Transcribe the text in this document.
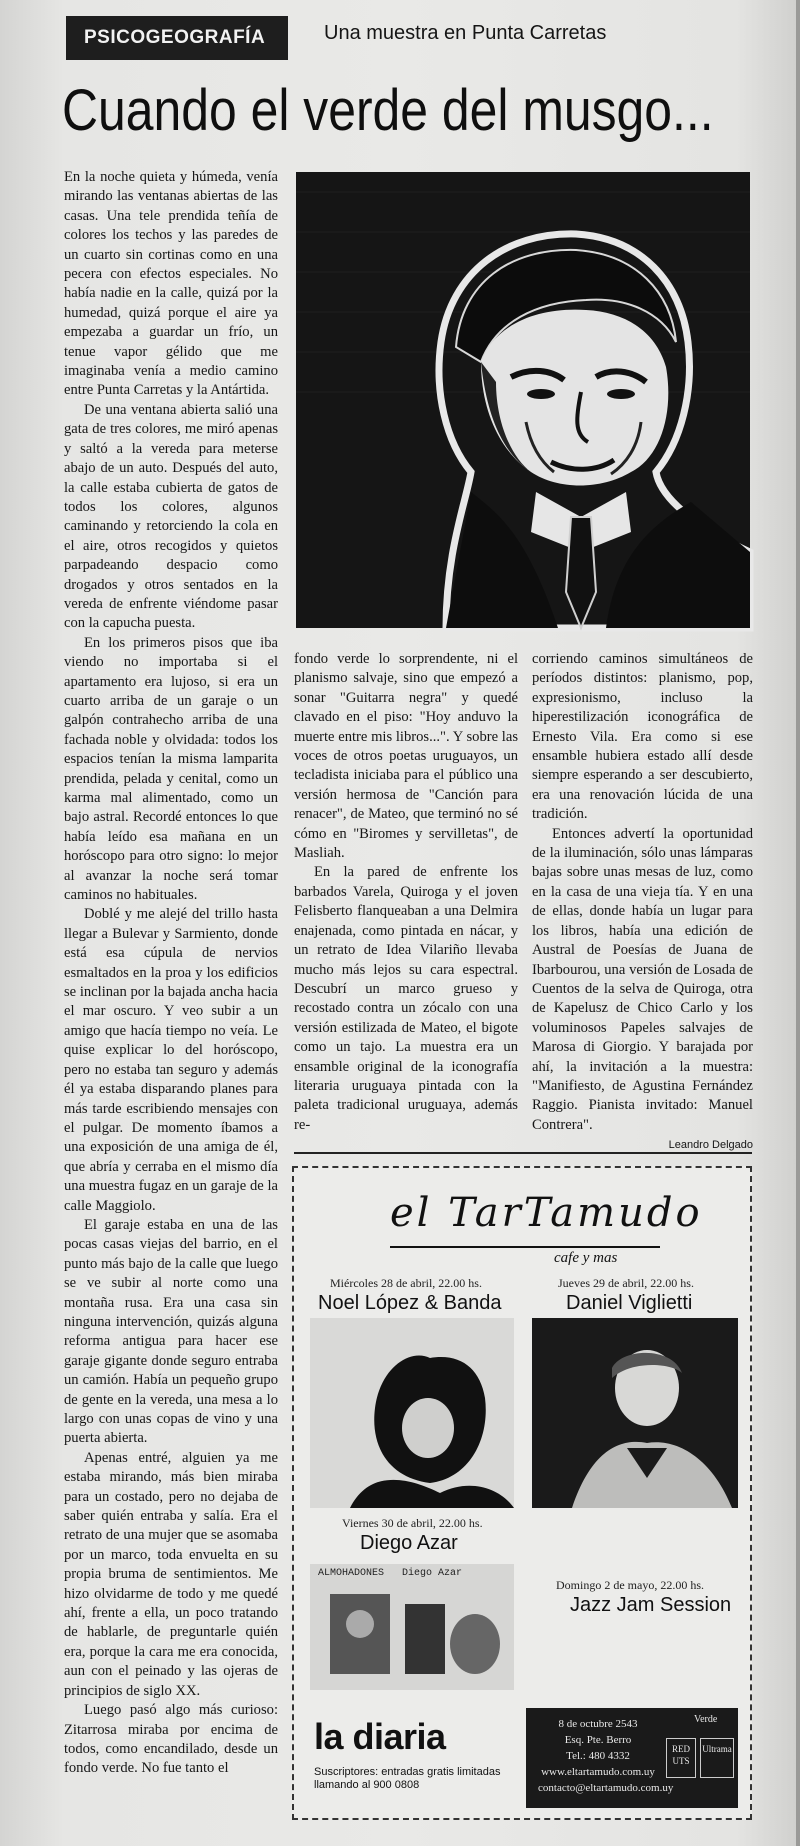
PSICOGEOGRAFÍA	Una muestra en Punta Carretas
Cuando el verde del musgo...

En la noche quieta y húmeda, venía mirando las ventanas abiertas de las casas. Una tele prendida teñía de colores los techos y las paredes de un cuarto sin cortinas como en una pecera con efectos especiales. No había nadie en la calle, quizá por la humedad, quizá porque el aire ya empezaba a guardar un frío, un tenue vapor gélido que me imaginaba venía a medio camino entre Punta Carretas y la Antártida.

De una ventana abierta salió una gata de tres colores, me miró apenas y saltó a la vereda para meterse abajo de un auto. Después del auto, la calle estaba cubierta de gatos de todos los colores, algunos caminando y retorciendo la cola en el aire, otros recogidos y quietos parpadeando despacio como drogados y otros sentados en la vereda de enfrente viéndome pasar con la capucha puesta.

En los primeros pisos que iba viendo no importaba si el apartamento era lujoso, si era un cuarto arriba de un garaje o un galpón contrahecho arriba de una fachada noble y olvidada: todos los espacios tenían la misma lamparita prendida, pelada y cenital, como un karma mal alimentado, como un bajo astral. Recordé entonces lo que había leído esa mañana en un horóscopo para otro signo: lo mejor al avanzar la noche será tomar caminos no habituales.

Doblé y me alejé del trillo hasta llegar a Bulevar y Sarmiento, donde está esa cúpula de nervios esmaltados en la proa y los edificios se inclinan por la bajada ancha hacia el mar oscuro. Y veo subir a un amigo que hacía tiempo no veía. Le quise explicar lo del horóscopo, pero no estaba tan seguro y además él ya estaba disparando planes para más tarde escribiendo mensajes con el pulgar. De momento íbamos a una exposición de una amiga de él, que abría y cerraba en el mismo día una muestra fugaz en un garaje de la calle Maggiolo.

El garaje estaba en una de las pocas casas viejas del barrio, en el punto más bajo de la calle que luego se ve subir al norte como una montaña rusa. Era una casa sin ninguna intervención, quizás alguna reforma antigua para hacer ese garaje gigante donde seguro entraba un camión. Había un pequeño grupo de gente en la vereda, una mesa a lo largo con unas copas de vino y una puerta abierta.

Apenas entré, alguien ya me estaba mirando, más bien miraba para un costado, pero no dejaba de saber quién entraba y salía. Era el retrato de una mujer que se asomaba por un marco, toda envuelta en su propia bruma de sentimientos. Me hizo olvidarme de todo y me quedé ahí, frente a ella, un poco tratando de hablarle, de preguntarle quién era, porque la cara me era conocida, aun con el peinado y las ojeras de principios de siglo XX.

Luego pasó algo más curioso: Zitarrosa miraba por encima de todos, como encandilado, desde un fondo verde. No fue tanto el

fondo verde lo sorprendente, ni el planismo salvaje, sino que empezó a sonar "Guitarra negra" y quedé clavado en el piso: "Hoy anduvo la muerte entre mis libros...". Y sobre las voces de otros poetas uruguayos, un tecladista iniciaba para el público una versión hermosa de "Canción para renacer", de Mateo, que terminó no sé cómo en "Biromes y servilletas", de Masliah.

En la pared de enfrente los barbados Varela, Quiroga y el joven Felisberto flanqueaban a una Delmira enajenada, como pintada en nácar, y un retrato de Idea Vilariño llevaba mucho más lejos su cara espectral. Descubrí un marco grueso y recostado contra un zócalo con una versión estilizada de Mateo, el bigote como un tajo. La muestra era un ensamble original de la iconografía literaria uruguaya pintada con la paleta tradicional uruguaya, además re-

corriendo caminos simultáneos de períodos distintos: planismo, pop, expresionismo, incluso la hiperestilización iconográfica de Ernesto Vila. Era como si ese ensamble hubiera estado allí desde siempre esperando a ser descubierto, era una renovación lúcida de una tradición.

Entonces advertí la oportunidad de la iluminación, sólo unas lámparas bajas sobre unas mesas de luz, como en la casa de una vieja tía. Y en una de ellas, donde había un lugar para los libros, había una edición de Austral de Poesías de Juana de Ibarbourou, una versión de Losada de Cuentos de la selva de Quiroga, otra de Kapelusz de Chico Carlo y los voluminosos Papeles salvajes de Marosa di Giorgio. Y barajada por ahí, la invitación a la muestra: "Manifiesto, de Agustina Fernández Raggio. Pianista invitado: Manuel Contrera".

Leandro Delgado

el TarTamudo
cafe y mas
Miércoles 28 de abril, 22.00 hs.
Noel López & Banda
Jueves 29 de abril, 22.00 hs.
Daniel Viglietti
Viernes 30 de abril, 22.00 hs.
Diego Azar
ALMOHADONES   Diego Azar
Domingo 2 de mayo, 22.00 hs.
Jazz Jam Session
la diaria
Suscriptores: entradas gratis limitadas llamando al 900 0808
8 de octubre 2543
Esq. Pte. Berro
Tel.: 480 4332
www.eltartamudo.com.uy
contacto@eltartamudo.com.uy
Verde
RED UTS
Ultrama
